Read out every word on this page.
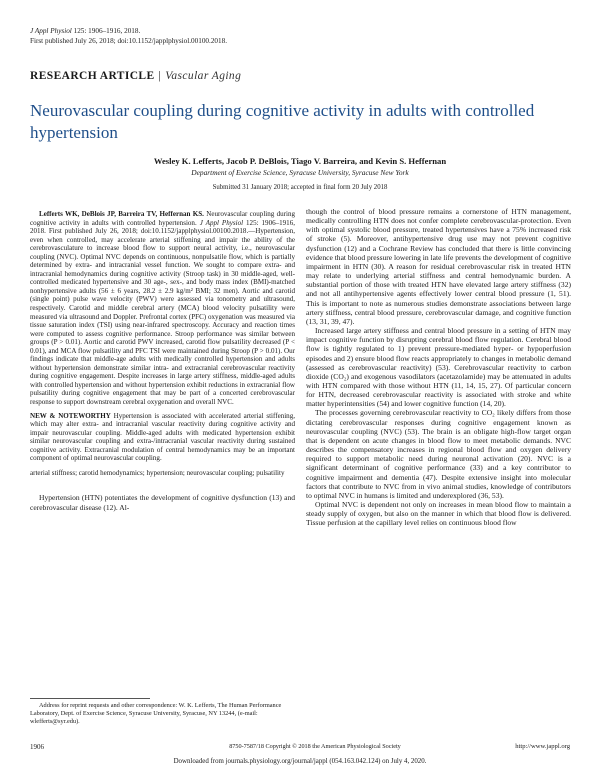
J Appl Physiol 125: 1906–1916, 2018.
First published July 26, 2018; doi:10.1152/japplphysiol.00100.2018.
RESEARCH ARTICLE | Vascular Aging
Neurovascular coupling during cognitive activity in adults with controlled hypertension
Wesley K. Lefferts, Jacob P. DeBlois, Tiago V. Barreira, and Kevin S. Heffernan
Department of Exercise Science, Syracuse University, Syracuse New York
Submitted 31 January 2018; accepted in final form 20 July 2018

Lefferts WK, DeBlois JP, Barreira TV, Heffernan KS. Neurovascular coupling during cognitive activity in adults with controlled hypertension. J Appl Physiol 125: 1906–1916, 2018. First published July 26, 2018; doi:10.1152/japplphysiol.00100.2018.—Hypertension, even when controlled, may accelerate arterial stiffening and impair the ability of the cerebrovasculature to increase blood flow to support neural activity, i.e., neurovascular coupling (NVC). Optimal NVC depends on continuous, nonpulsatile flow, which is partially determined by extra- and intracranial vessel function. We sought to compare extra- and intracranial hemodynamics during cognitive activity (Stroop task) in 30 middle-aged, well-controlled medicated hypertensive and 30 age-, sex-, and body mass index (BMI)-matched nonhypertensive adults (56 ± 6 years, 28.2 ± 2.9 kg/m² BMI; 32 men). Aortic and carotid (single point) pulse wave velocity (PWV) were assessed via tonometry and ultrasound, respectively. Carotid and middle cerebral artery (MCA) blood velocity pulsatility were measured via ultrasound and Doppler. Prefrontal cortex (PFC) oxygenation was measured via tissue saturation index (TSI) using near-infrared spectroscopy. Accuracy and reaction times were computed to assess cognitive performance. Stroop performance was similar between groups (P > 0.01). Aortic and carotid PWV increased, carotid flow pulsatility decreased (P < 0.01), and MCA flow pulsatility and PFC TSI were maintained during Stroop (P > 0.01). Our findings indicate that middle-age adults with medically controlled hypertension and adults without hypertension demonstrate similar intra- and extracranial cerebrovascular reactivity during cognitive engagement. Despite increases in large artery stiffness, middle-aged adults with controlled hypertension and without hypertension exhibit reductions in extracranial flow pulsatility during cognitive engagement that may be part of a concerted cerebrovascular response to support downstream cerebral oxygenation and overall NVC.

NEW & NOTEWORTHY Hypertension is associated with accelerated arterial stiffening, which may alter extra- and intracranial vascular reactivity during cognitive activity and impair neurovascular coupling. Middle-aged adults with medicated hypertension exhibit similar neurovascular coupling and extra-/intracranial vascular reactivity during sustained cognitive activity. Extracranial modulation of central hemodynamics may be an important component of optimal neurovascular coupling.

arterial stiffness; carotid hemodynamics; hypertension; neurovascular coupling; pulsatility

Hypertension (HTN) potentiates the development of cognitive dysfunction (13) and cerebrovascular disease (12). Al-

though the control of blood pressure remains a cornerstone of HTN management, medically controlling HTN does not confer complete cerebrovascular-protection. Even with optimal systolic blood pressure, treated hypertensives have a 75% increased risk of stroke (5). Moreover, antihypertensive drug use may not prevent cognitive dysfunction (12) and a Cochrane Review has concluded that there is little convincing evidence that blood pressure lowering in late life prevents the development of cognitive impairment in HTN (30). A reason for residual cerebrovascular risk in treated HTN may relate to underlying arterial stiffness and central hemodynamic burden. A substantial portion of those with treated HTN have elevated large artery stiffness (32) and not all antihypertensive agents effectively lower central blood pressure (1, 51). This is important to note as numerous studies demonstrate associations between large artery stiffness, central blood pressure, cerebrovascular damage, and cognitive function (13, 31, 39, 47).

Increased large artery stiffness and central blood pressure in a setting of HTN may impact cognitive function by disrupting cerebral blood flow regulation. Cerebral blood flow is tightly regulated to 1) prevent pressure-mediated hyper- or hypoperfusion episodes and 2) ensure blood flow reacts appropriately to changes in metabolic demand (assessed as cerebrovascular reactivity) (53). Cerebrovascular reactivity to carbon dioxide (CO₂) and exogenous vasodilators (acetazolamide) may be attenuated in adults with HTN compared with those without HTN (11, 14, 15, 27). Of particular concern for HTN, decreased cerebrovascular reactivity is associated with stroke and white matter hyperintensities (54) and lower cognitive function (14, 20).

The processes governing cerebrovascular reactivity to CO₂ likely differs from those dictating cerebrovascular responses during cognitive engagement known as neurovascular coupling (NVC) (53). The brain is an obligate high-flow target organ that is dependent on acute changes in blood flow to meet metabolic demands. NVC describes the compensatory increases in regional blood flow and oxygen delivery required to support metabolic need during neuronal activation (20). NVC is a significant determinant of cognitive performance (33) and a key contributor to cognitive impairment and dementia (47). Despite extensive insight into molecular factors that contribute to NVC from in vivo animal studies, knowledge of contributors to optimal NVC in humans is limited and underexplored (36, 53).

Optimal NVC is dependent not only on increases in mean blood flow to maintain a steady supply of oxygen, but also on the manner in which that blood flow is delivered. Tissue perfusion at the capillary level relies on continuous blood flow

Address for reprint requests and other correspondence: W. K. Lefferts, The Human Performance Laboratory, Dept. of Exercise Science, Syracuse University, Syracuse, NY 13244, (e-mail: wlefferts@syr.edu).
1906	8750-7587/18 Copyright © 2018 the American Physiological Society	http://www.jappl.org
Downloaded from journals.physiology.org/journal/jappl (054.163.042.124) on July 4, 2020.
